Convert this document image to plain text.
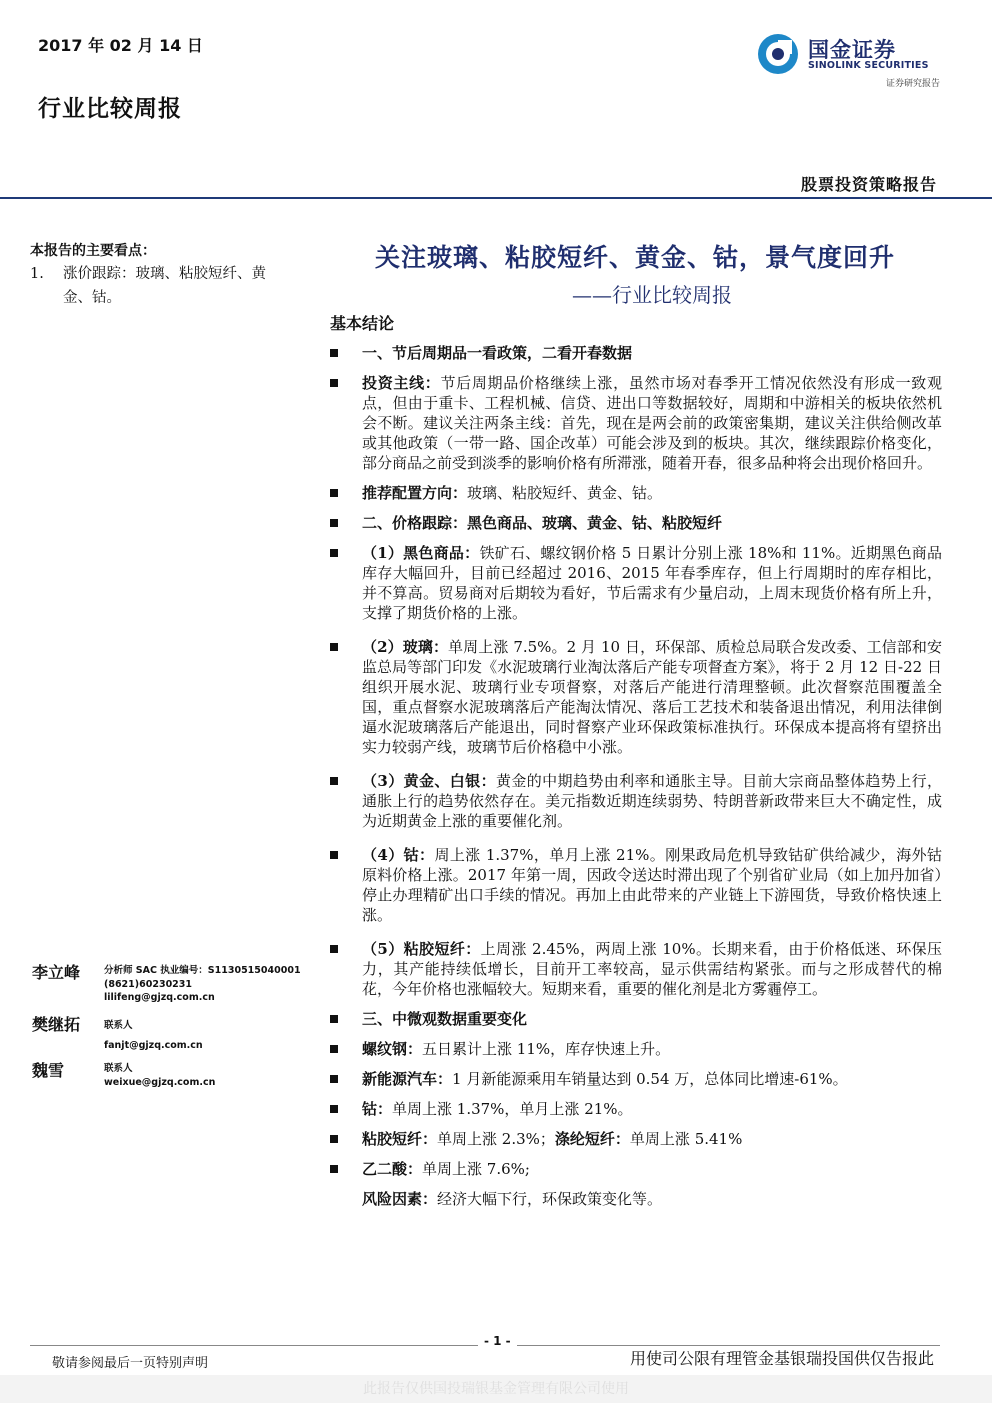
2017 年 02 月 14 日
行业比较周报
国金证券
SINOLINK SECURITIES
证券研究报告
股票投资策略报告
本报告的主要看点：
1. 涨价跟踪：玻璃、粘胶短纤、黄金、钴。
李立峰	分析师 SAC 执业编号：S1130515040001
(8621)60230231
lilifeng@gjzq.com.cn
樊继拓	联系人
fanjt@gjzq.com.cn
魏雪	联系人
weixue@gjzq.com.cn
关注玻璃、粘胶短纤、黄金、钴，景气度回升
——行业比较周报
基本结论
一、节后周期品一看政策，二看开春数据
投资主线：节后周期品价格继续上涨，虽然市场对春季开工情况依然没有形成一致观点，但由于重卡、工程机械、信贷、进出口等数据较好，周期和中游相关的板块依然机会不断。建议关注两条主线：首先，现在是两会前的政策密集期，建议关注供给侧改革或其他政策（一带一路、国企改革）可能会涉及到的板块。其次，继续跟踪价格变化，部分商品之前受到淡季的影响价格有所滞涨，随着开春，很多品种将会出现价格回升。
推荐配置方向：玻璃、粘胶短纤、黄金、钴。
二、价格跟踪：黑色商品、玻璃、黄金、钴、粘胶短纤
（1）黑色商品：铁矿石、螺纹钢价格 5 日累计分别上涨 18%和 11%。近期黑色商品库存大幅回升，目前已经超过 2016、2015 年春季库存，但上行周期时的库存相比，并不算高。贸易商对后期较为看好，节后需求有少量启动，上周末现货价格有所上升，支撑了期货价格的上涨。
（2）玻璃：单周上涨 7.5%。2 月 10 日，环保部、质检总局联合发改委、工信部和安监总局等部门印发《水泥玻璃行业淘汰落后产能专项督查方案》，将于 2 月 12 日-22 日组织开展水泥、玻璃行业专项督察，对落后产能进行清理整顿。此次督察范围覆盖全国，重点督察水泥玻璃落后产能淘汰情况、落后工艺技术和装备退出情况，利用法律倒逼水泥玻璃落后产能退出，同时督察产业环保政策标准执行。环保成本提高将有望挤出实力较弱产线，玻璃节后价格稳中小涨。
（3）黄金、白银：黄金的中期趋势由利率和通胀主导。目前大宗商品整体趋势上行，通胀上行的趋势依然存在。美元指数近期连续弱势、特朗普新政带来巨大不确定性，成为近期黄金上涨的重要催化剂。
（4）钴：周上涨 1.37%，单月上涨 21%。刚果政局危机导致钴矿供给减少，海外钴原料价格上涨。2017 年第一周，因政令送达时滞出现了个别省矿业局（如上加丹加省）停止办理精矿出口手续的情况。再加上由此带来的产业链上下游囤货，导致价格快速上涨。
（5）粘胶短纤：上周涨 2.45%，两周上涨 10%。长期来看，由于价格低迷、环保压力，其产能持续低增长，目前开工率较高，显示供需结构紧张。而与之形成替代的棉花，今年价格也涨幅较大。短期来看，重要的催化剂是北方雾霾停工。
三、中微观数据重要变化
螺纹钢：五日累计上涨 11%，库存快速上升。
新能源汽车：1 月新能源乘用车销量达到 0.54 万，总体同比增速-61%。
钴：单周上涨 1.37%，单月上涨 21%。
粘胶短纤：单周上涨 2.3%；涤纶短纤：单周上涨 5.41%
乙二酸：单周上涨 7.6%;
风险因素：经济大幅下行，环保政策变化等。
- 1 -
敬请参阅最后一页特别声明	用使司公限有理管金基银瑞投国供仅告报此
此报告仅供国投瑞银基金管理有限公司使用
